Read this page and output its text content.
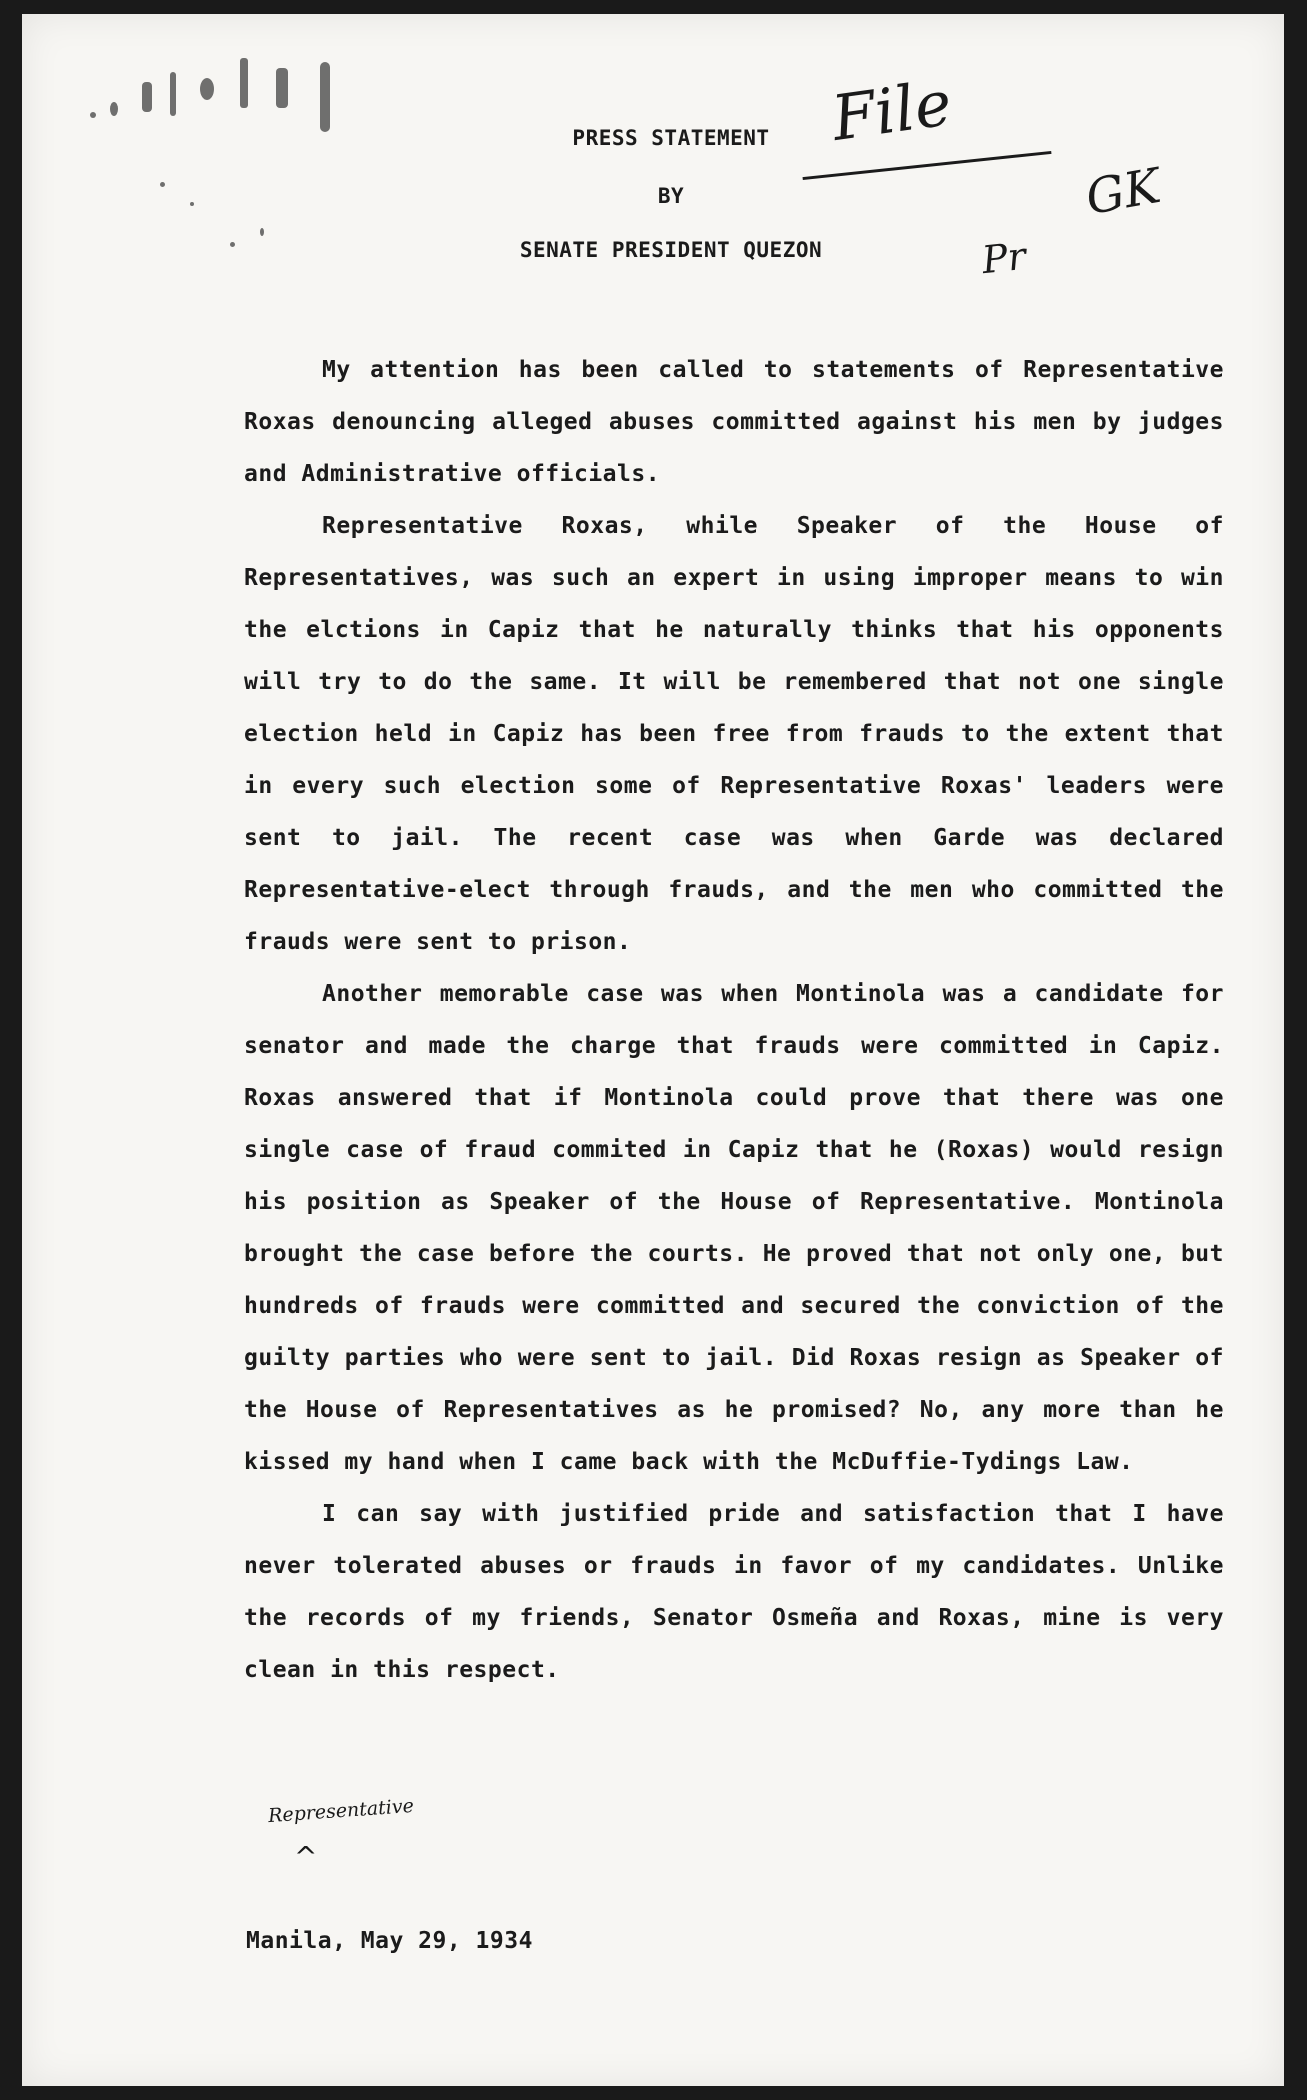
PRESS STATEMENT

BY

SENATE PRESIDENT QUEZON

File
GK
Pr

My attention has been called to statements of Representative Roxas denouncing alleged abuses committed against his men by judges and Administrative officials.

Representative Roxas, while Speaker of the House of Representatives, was such an expert in using improper means to win the elctions in Capiz that he naturally thinks that his opponents will try to do the same. It will be remembered that not one single election held in Capiz has been free from frauds to the extent that in every such election some of Representative Roxas' leaders were sent to jail. The recent case was when Garde was declared Representative-elect through frauds, and the men who committed the frauds were sent to prison.

Another memorable case was when Montinola was a candidate for senator and made the charge that frauds were committed in Capiz. Roxas answered that if Montinola could prove that there was one single case of fraud commited in Capiz that he (Roxas) would resign his position as Speaker of the House of Representative. Montinola brought the case before the courts. He proved that not only one, but hundreds of frauds were committed and secured the conviction of the guilty parties who were sent to jail. Did Roxas resign as Speaker of the House of Representatives as he promised? No, any more than he kissed my hand when I came back with the McDuffie-Tydings Law.

I can say with justified pride and satisfaction that I have never tolerated abuses or frauds in favor of my candidates. Unlike the records of my friends, Senator Osmeña and Roxas, mine is very clean in this respect.

Representative
^

Manila, May 29, 1934
